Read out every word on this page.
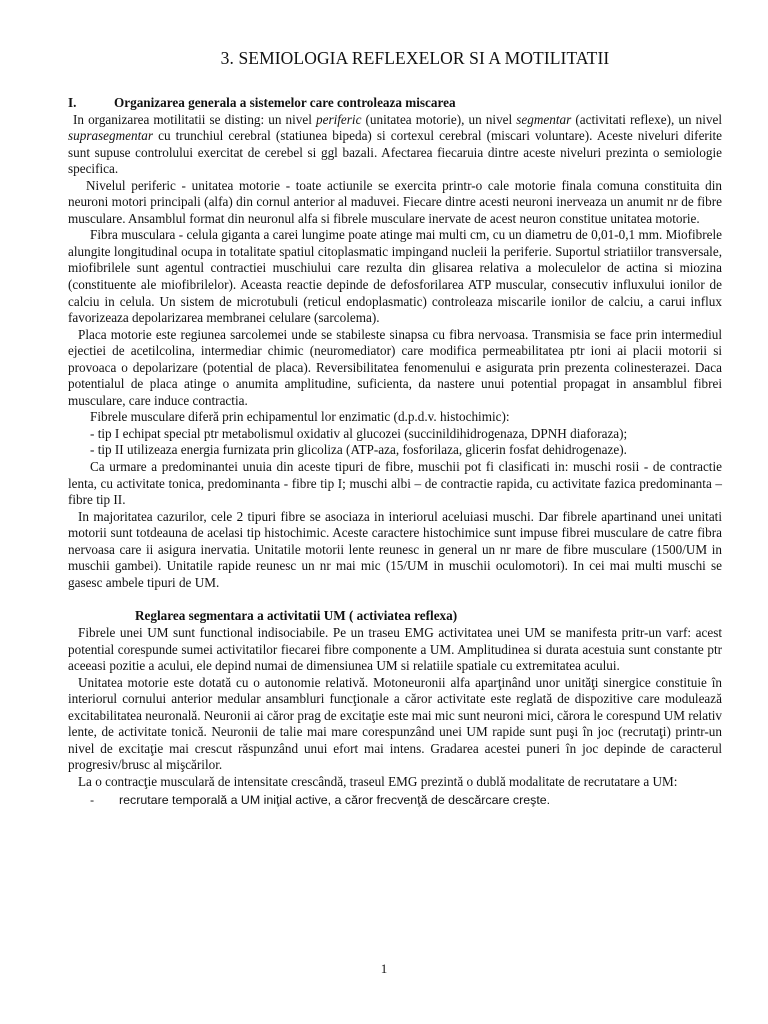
3. SEMIOLOGIA REFLEXELOR SI A MOTILITATII

I.	Organizarea generala a sistemelor care controleaza miscarea

In organizarea motilitatii se disting: un nivel periferic (unitatea motorie), un nivel segmentar (activitati reflexe), un nivel suprasegmentar cu trunchiul cerebral (statiunea bipeda) si cortexul cerebral (miscari voluntare). Aceste niveluri diferite sunt supuse controlului exercitat de cerebel si ggl bazali. Afectarea fiecaruia dintre aceste niveluri prezinta o semiologie specifica.

Nivelul periferic - unitatea motorie - toate actiunile se exercita printr-o cale motorie finala comuna constituita din neuroni motori principali (alfa) din cornul anterior al maduvei. Fiecare dintre acesti neuroni inerveaza un anumit nr de fibre musculare. Ansamblul format din neuronul alfa si fibrele musculare inervate de acest neuron constitue unitatea motorie.

Fibra musculara - celula giganta a carei lungime poate atinge mai multi cm, cu un diametru de 0,01-0,1 mm. Miofibrele alungite longitudinal ocupa in totalitate spatiul citoplasmatic impingand nucleii la periferie. Suportul striatiilor transversale, miofibrilele sunt agentul contractiei muschiului care rezulta din glisarea relativa a moleculelor de actina si miozina (constituente ale miofibrilelor). Aceasta reactie depinde de defosforilarea ATP muscular, consecutiv influxului ionilor de calciu in celula. Un sistem de microtubuli (reticul endoplasmatic) controleaza miscarile ionilor de calciu, a carui influx favorizeaza depolarizarea membranei celulare (sarcolema).

Placa motorie este regiunea sarcolemei unde se stabileste sinapsa cu fibra nervoasa. Transmisia se face prin intermediul ejectiei de acetilcolina, intermediar chimic (neuromediator) care modifica permeabilitatea ptr ioni ai placii motorii si provoaca o depolarizare (potential de placa). Reversibilitatea fenomenului e asigurata prin prezenta colinesterazei. Daca potentialul de placa atinge o anumita amplitudine, suficienta, da nastere unui potential propagat in ansamblul fibrei musculare, care induce contractia.

Fibrele musculare diferă prin echipamentul lor enzimatic (d.p.d.v. histochimic):

- tip I echipat special ptr metabolismul oxidativ al glucozei (succinildihidrogenaza, DPNH diaforaza);

- tip II utilizeaza energia furnizata prin glicoliza (ATP-aza, fosforilaza, glicerin fosfat dehidrogenaze).

Ca urmare a predominantei unuia din aceste tipuri de fibre, muschii pot fi clasificati in: muschi rosii - de contractie lenta, cu activitate tonica, predominanta - fibre tip I; muschi albi – de contractie rapida, cu activitate fazica predominanta – fibre tip II.

In majoritatea cazurilor, cele 2 tipuri fibre se asociaza in interiorul aceluiasi muschi. Dar fibrele apartinand unei unitati motorii sunt totdeauna de acelasi tip histochimic. Aceste caractere histochimice sunt impuse fibrei musculare de catre fibra nervoasa care ii asigura inervatia. Unitatile motorii lente reunesc in general un nr mare de fibre musculare (1500/UM in muschii gambei). Unitatile rapide reunesc un nr mai mic (15/UM in muschii oculomotori). In cei mai multi muschi se gasesc ambele tipuri de UM.

Reglarea segmentara a activitatii UM ( activiatea reflexa)

Fibrele unei UM sunt functional indisociabile. Pe un traseu EMG activitatea unei UM se manifesta pritr-un varf: acest potential corespunde sumei activitatilor fiecarei fibre componente a UM. Amplitudinea si durata acestuia sunt constante ptr aceeasi pozitie a acului, ele depind numai de dimensiunea UM si relatiile spatiale cu extremitatea acului.

Unitatea motorie este dotată cu o autonomie relativă. Motoneuronii alfa aparţinând unor unităţi sinergice constituie în interiorul cornului anterior medular ansambluri funcţionale a căror activitate este reglată de dispozitive care modulează excitabilitatea neuronală. Neuronii ai căror prag de excitaţie este mai mic sunt neuroni mici, cărora le corespund UM relativ lente, de activitate tonică. Neuronii de talie mai mare corespunzând unei UM rapide sunt puşi în joc (recrutaţi) printr-un nivel de excitaţie mai crescut răspunzând unui efort mai intens. Gradarea acestei puneri în joc depinde de caracterul progresiv/brusc al mişcărilor.

La o contracţie musculară de intensitate crescândă, traseul EMG prezintă o dublă modalitate de recrutatare a UM:

-	recrutare temporală a UM iniţial active, a căror frecvenţă de descărcare creşte.
1
